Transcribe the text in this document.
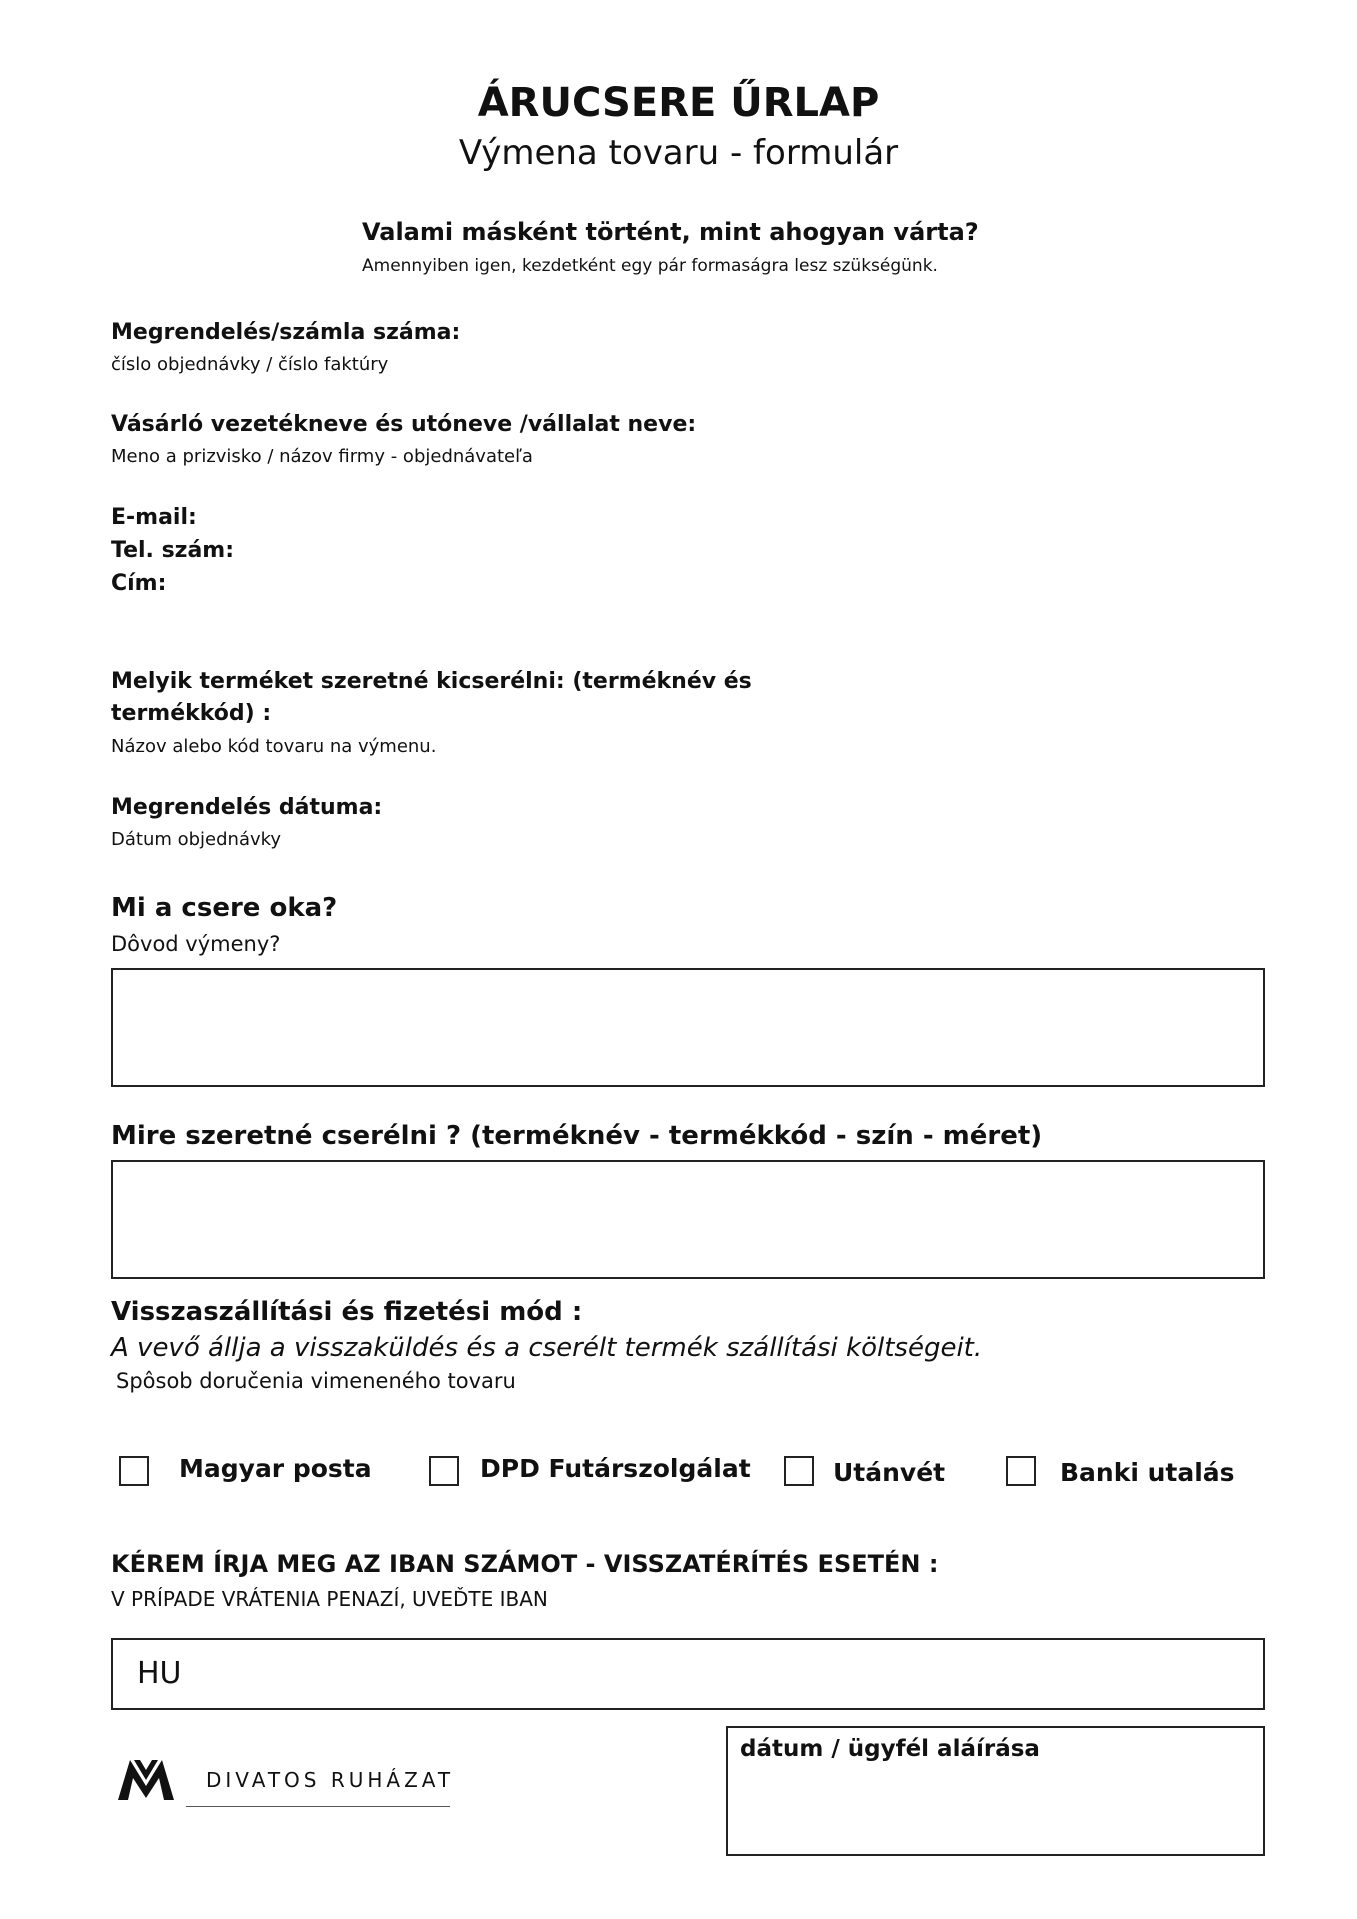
ÁRUCSERE ŰRLAP
Výmena tovaru - formulár
Valami másként történt, mint ahogyan várta?
Amennyiben igen, kezdetként egy pár formaságra lesz szükségünk.
Megrendelés/számla száma:
číslo objednávky / číslo faktúry
Vásárló vezetékneve és utóneve /vállalat neve:
Meno a prizvisko / názov firmy - objednávateľa
E-mail:
Tel. szám:
Cím:
Melyik terméket szeretné kicserélni: (terméknév és
termékkód) :
Názov alebo kód tovaru na výmenu.
Megrendelés dátuma:
Dátum objednávky
Mi a csere oka?
Dôvod výmeny?
Mire szeretné cserélni ? (terméknév - termékkód - szín - méret)
Visszaszállítási és fizetési mód :
A vevő állja a visszaküldés és a cserélt termék szállítási költségeit.
Spôsob doručenia vimeneného tovaru
Magyar posta	DPD Futárszolgálat	Utánvét	Banki utalás
KÉREM ÍRJA MEG AZ IBAN SZÁMOT - VISSZATÉRÍTÉS ESETÉN :
V PRÍPADE VRÁTENIA PENAZÍ, UVEĎTE IBAN
HU
dátum / ügyfél aláírása
DIVATOS RUHÁZAT
